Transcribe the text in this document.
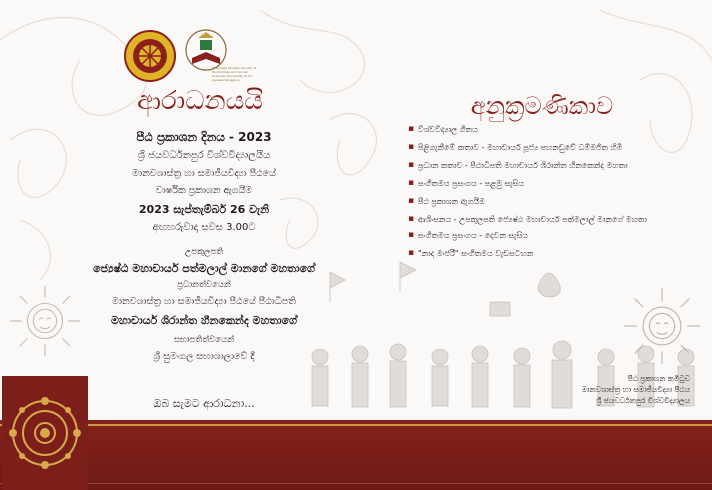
Graduate Studies Faculty of Humanities and Social Sciences University of Sri Jayewardenepura
ආරාධනයයි
පීඨ ප්‍රකාශන දිනය - 2023
ශ්‍රී ජයවර්ධනපුර විශ්වවිද්‍යාලයීය
මානවශාස්ත්‍ර හා සමාජීයවිද්‍යා පීඨයේ
වාර්ෂික ප්‍රකාශන ඇගයීම
2023 සැප්තැම්බර් 26 වැනි
අඟහරුවාදා සවස 3.00ට
උපකුලපති
ජ්‍යෙෂ්ඨ මහාචාර්ය පත්මලාල් මානගේ මහතාගේ
ප්‍රධානත්වයෙන්
මානවශාස්ත්‍ර හා සමාජීයවිද්‍යා පීඨයේ පීඨාධිපති
මහාචාර්ය ශිරාන්ත හීනකෙන්ද මහතාගේ
සභාපතිත්වයෙන්
ශ්‍රී සුමංගල සභාශාලාවේ දී
ඔබ සැමට ආරාධනා...
අනුක්‍රමණිකාව
▪ විශ්වවිද්‍යාල ගීතය
▪ පිළිගැනීමේ කතාව - මහාචාර්ය පූජ්‍ය පහනඩුවේ ධම්මජිත හිමි
▪ ප්‍රධාන කතාව - පීඨාධිපති මහාචාර්ය ශිරාන්ත හීනකෙන්ද මහතා
▪ සංගීතමය ප්‍රසංගය - පළමු සැසිය
▪ පීඨ ප්‍රකාශන ඇගයීම
▪ ආශිංසනය - උපකුලපති ජ්‍යෙෂ්ඨ මහාචාර්ය පත්මලාල් මානගේ මහතා
▪ සංගීතමය ප්‍රසංගය - දෙවන සැසිය
▪ "නාද මංජරී" සංගීතමය වැඩසටහන
පීඨ ප්‍රකාශන කමිටුව
මානවශාස්ත්‍ර හා සමාජීයවිද්‍යා පීඨය
ශ්‍රී ජයවර්ධනපුර විශ්වවිද්‍යාලය
